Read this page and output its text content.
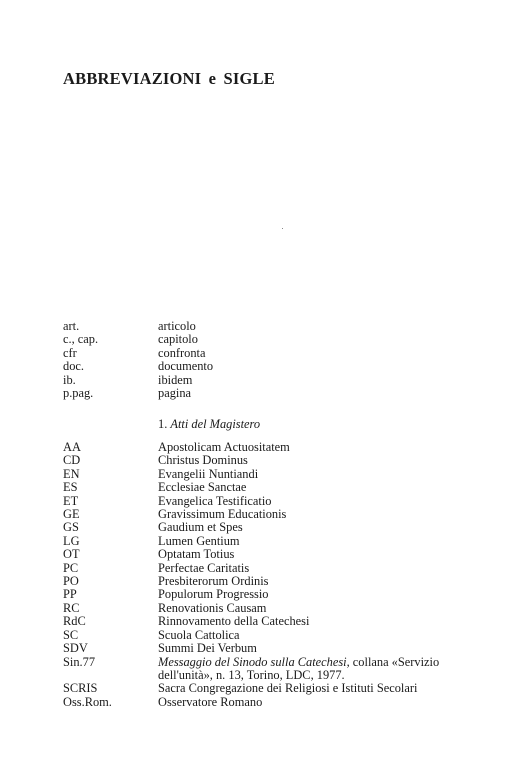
ABBREVIAZIONI e SIGLE
art.	articolo
c., cap.	capitolo
cfr	confronta
doc.	documento
ib.	ibidem
p.pag.	pagina
1. Atti del Magistero
AA	Apostolicam Actuositatem
CD	Christus Dominus
EN	Evangelii Nuntiandi
ES	Ecclesiae Sanctae
ET	Evangelica Testificatio
GE	Gravissimum Educationis
GS	Gaudium et Spes
LG	Lumen Gentium
OT	Optatam Totius
PC	Perfectae Caritatis
PO	Presbiterorum Ordinis
PP	Populorum Progressio
RC	Renovationis Causam
RdC	Rinnovamento della Catechesi
SC	Scuola Cattolica
SDV	Summi Dei Verbum
Sin.77	Messaggio del Sinodo sulla Catechesi, collana «Servizio dell'unità», n. 13, Torino, LDC, 1977.
SCRIS	Sacra Congregazione dei Religiosi e Istituti Secolari
Oss.Rom.	Osservatore Romano
